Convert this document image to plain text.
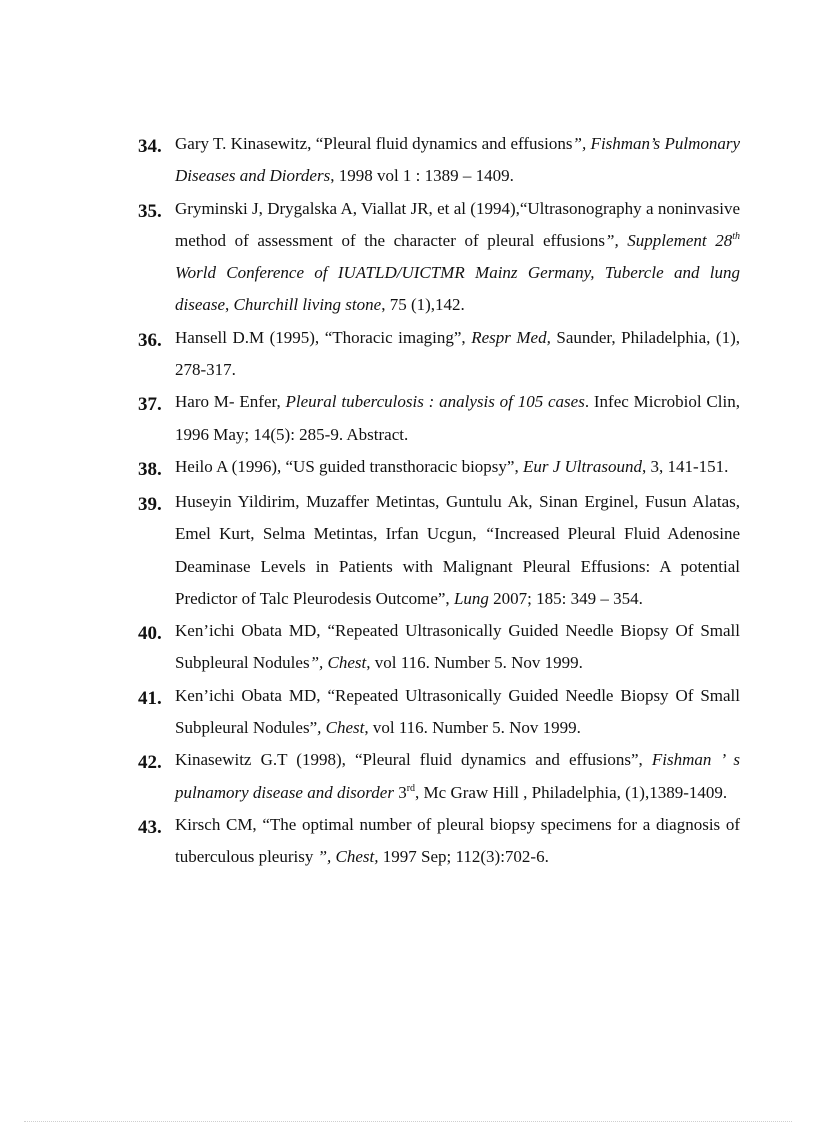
34. Gary T. Kinasewitz, “Pleural fluid dynamics and effusions”, Fishman’s Pulmonary Diseases and Diorders, 1998 vol 1 : 1389 – 1409.
35. Gryminski J, Drygalska A, Viallat JR, et al (1994),“Ultrasonography a noninvasive method of assessment of the character of pleural effusions”, Supplement 28th World Conference of IUATLD/UICTMR Mainz Germany, Tubercle and lung disease, Churchill living stone, 75 (1),142.
36. Hansell D.M (1995), “Thoracic imaging”, Respr Med, Saunder, Philadelphia, (1), 278-317.
37. Haro M- Enfer, Pleural tuberculosis : analysis of 105 cases. Infec Microbiol Clin, 1996 May; 14(5): 285-9. Abstract.
38. Heilo A (1996), “US guided transthoracic biopsy”, Eur J Ultrasound, 3, 141-151.
39. Huseyin Yildirim, Muzaffer Metintas, Guntulu Ak, Sinan Erginel, Fusun Alatas, Emel Kurt, Selma Metintas, Irfan Ucgun, “Increased Pleural Fluid Adenosine Deaminase Levels in Patients with Malignant Pleural Effusions: A potential Predictor of Talc Pleurodesis Outcome”, Lung 2007; 185: 349 – 354.
40. Ken’ichi Obata MD, “Repeated Ultrasonically Guided Needle Biopsy Of Small Subpleural Nodules”, Chest, vol 116. Number 5. Nov 1999.
41. Ken’ichi Obata MD, “Repeated Ultrasonically Guided Needle Biopsy Of Small Subpleural Nodules”, Chest, vol 116. Number 5. Nov 1999.
42. Kinasewitz G.T (1998), “Pleural fluid dynamics and effusions”, Fishman ’ s pulnamory disease and disorder 3rd, Mc Graw Hill , Philadelphia, (1),1389-1409.
43. Kirsch CM, “The optimal number of pleural biopsy specimens for a diagnosis of tuberculous pleurisy ”, Chest, 1997 Sep; 112(3):702-6.
